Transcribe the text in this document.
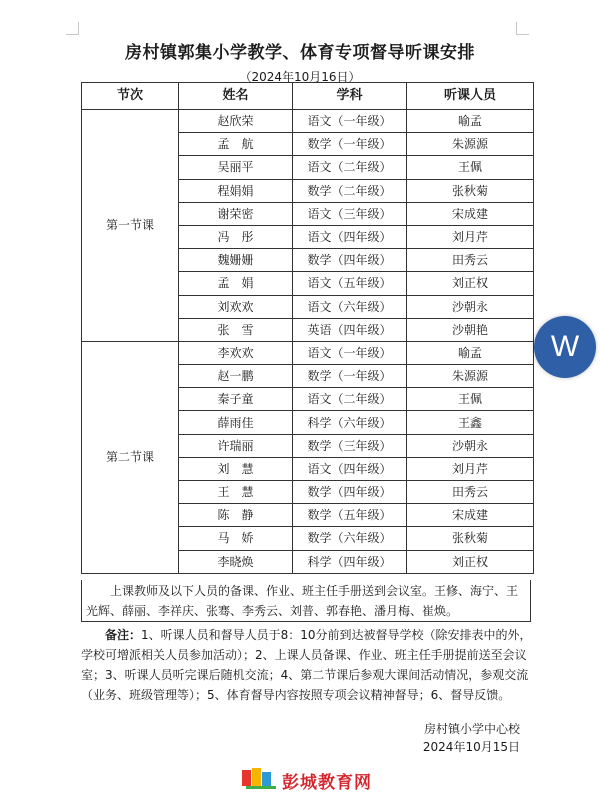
房村镇郭集小学教学、体育专项督导听课安排
（2024年10月16日）
节次	姓名	学科	听课人员
第一节课	赵欣荣	语文（一年级）	喻孟
	孟　航	数学（一年级）	朱源源
	吴丽平	语文（二年级）	王佩
	程娟娟	数学（二年级）	张秋菊
	谢荣密	语文（三年级）	宋成建
	冯　彤	语文（四年级）	刘月芹
	魏姗姗	数学（四年级）	田秀云
	孟　娟	语文（五年级）	刘正权
	刘欢欢	语文（六年级）	沙朝永
	张　雪	英语（四年级）	沙朝艳
第二节课	李欢欢	语文（一年级）	喻孟
	赵一鹏	数学（一年级）	朱源源
	秦子童	语文（二年级）	王佩
	薛雨佳	科学（六年级）	王鑫
	许瑞丽	数学（三年级）	沙朝永
	刘　慧	语文（四年级）	刘月芹
	王　慧	数学（四年级）	田秀云
	陈　静	数学（五年级）	宋成建
	马　娇	数学（六年级）	张秋菊
	李晓焕	科学（四年级）	刘正权

上课教师及以下人员的备课、作业、班主任手册送到会议室。王修、海宁、王光辉、薛丽、李祥庆、张骞、李秀云、刘普、郭春艳、潘月梅、崔焕。

备注：1、听课人员和督导人员于8：10分前到达被督导学校（除安排表中的外，学校可增派相关人员参加活动）；2、上课人员备课、作业、班主任手册提前送至会议室；3、听课人员听完课后随机交流；4、第二节课后参观大课间活动情况，参观交流（业务、班级管理等）；5、体育督导内容按照专项会议精神督导；6、督导反馈。

房村镇小学中心校
2024年10月15日
W
彭城教育网
